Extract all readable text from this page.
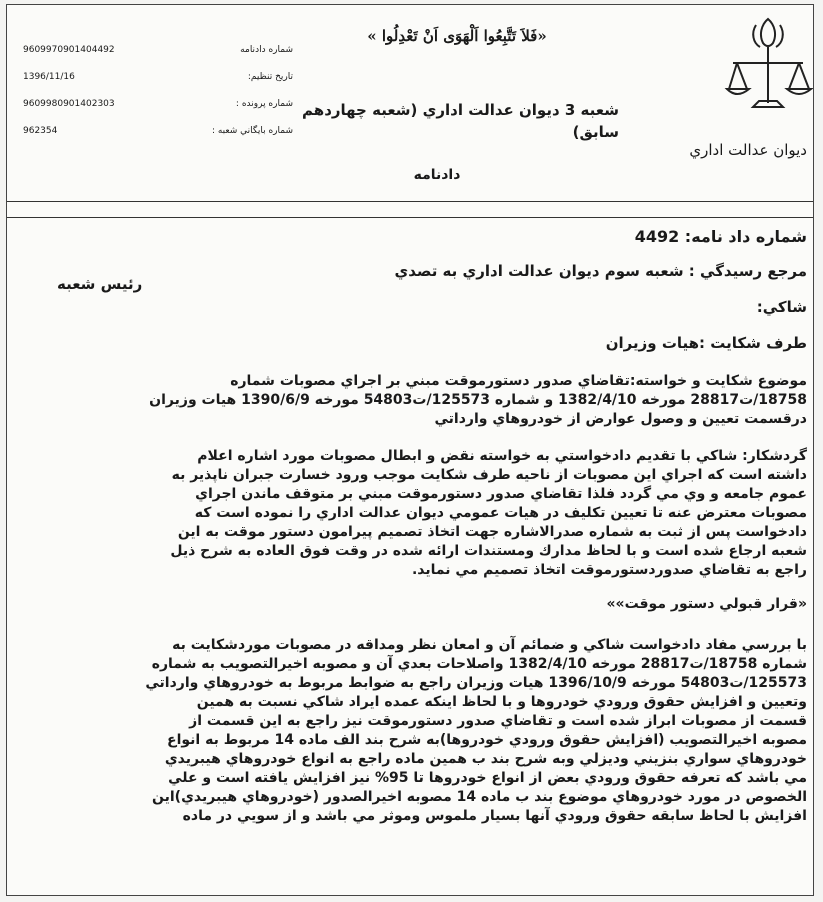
ديوان عدالت اداري
«فَلاَ تَتَّبِعُوا اَلْهَوَى اَنْ تَعْدِلُوا »
شعبه 3 ديوان عدالت اداري (شعبه چهاردهم سابق)
دادنامه
شماره دادنامه
9609970901404492
تاريخ تنظيم:
1396/11/16
شماره پرونده :
9609980901402303
شماره بايگاني شعبه :
962354
رئيس شعبه

شماره داد نامه: 4492

مرجع رسيدگي : شعبه سوم ديوان عدالت اداري به تصدي

شاكي:

طرف شكايت :هيات وزيران

موضوع شكايت و خواسته:تقاضاي صدور دستورموقت مبني بر اجراي مصوبات شماره

18758/ت28817 مورخه 1382/4/10 و شماره 125573/ت54803 مورخه 1390/6/9 هيات وزيران

درقسمت تعيين و وصول عوارض از خودروهاي وارداتي

گردشكار: شاكي با تقديم دادخواستي به خواسته نقض و ابطال مصوبات مورد اشاره اعلام

داشته است كه اجراي اين مصوبات از ناحيه طرف شكايت موجب ورود خسارت جبران ناپذير به

عموم جامعه و وي مي گردد فلذا تقاضاي صدور دستورموقت مبني بر متوقف ماندن اجراي

مصوبات معترض عنه تا تعيين تكليف در هيات عمومي ديوان عدالت اداري را نموده است كه

دادخواست پس از ثبت به شماره صدرالاشاره جهت اتخاذ تصميم پيرامون دستور موقت به اين

شعبه ارجاع شده است و با لحاظ مدارك ومستندات ارائه شده در وقت فوق العاده به شرح ذيل

راجع به تقاضاي صدوردستورموقت اتخاذ تصميم مي نمايد.

«قرار قبولي دستور موقت»»

با بررسي مفاد دادخواست شاكي و ضمائم آن و امعان نظر ومداقه در مصوبات موردشكايت به

شماره 18758/ت28817 مورخه 1382/4/10 واصلاحات بعدي آن و مصوبه اخيرالتصويب به شماره

125573/ت54803 مورخه 1396/10/9 هيات وزيران راجع به ضوابط مربوط به خودروهاي وارداتي

وتعيين و افزايش حقوق ورودي خودروها و با لحاظ اينكه عمده ايراد شاكي نسبت به همين

قسمت از مصوبات ابراز شده است و تقاضاي صدور دستورموقت نيز راجع به اين قسمت از

مصوبه اخيرالتصويب (افزايش حقوق ورودي خودروها)به شرح بند الف ماده 14 مربوط به انواع

خودروهاي سواري بنزيني وديزلي وبه شرح بند ب همين ماده راجع به انواع خودروهاي هيبريدي

مي باشد كه تعرفه حقوق ورودي بعض از انواع خودروها تا 95% نيز افزايش يافته است و علي

الخصوص در مورد خودروهاي موضوع بند ب ماده 14 مصوبه اخيرالصدور (خودروهاي هيبريدي)اين

افزايش با لحاظ سابقه حقوق ورودي آنها بسيار ملموس وموثر مي باشد و از سويي در ماده
